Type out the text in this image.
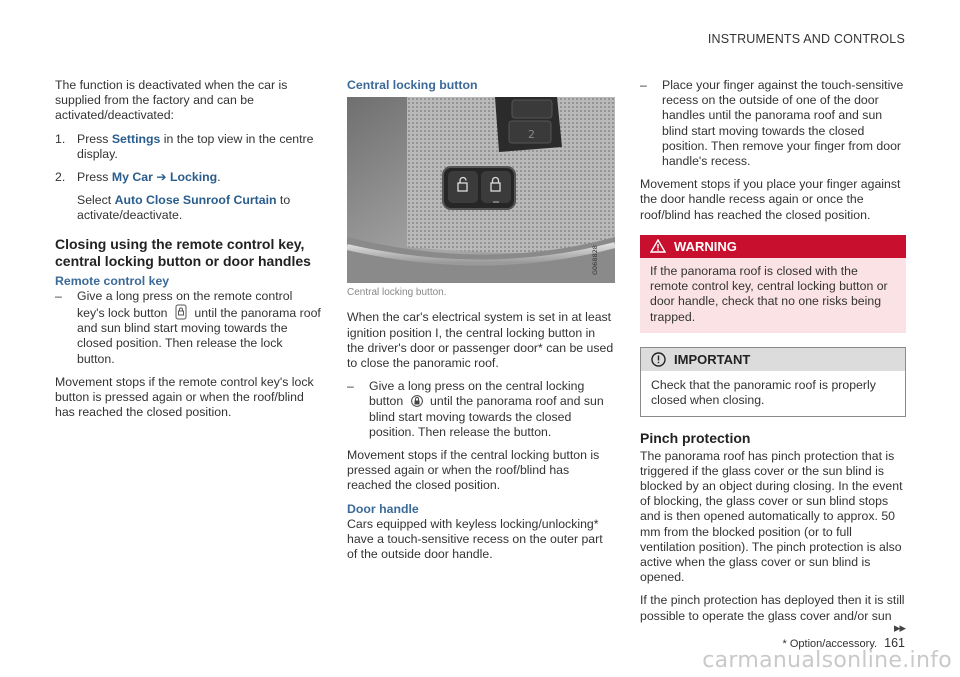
INSTRUMENTS AND CONTROLS

The function is deactivated when the car is supplied from the factory and can be activated/deactivated:

1. Press Settings in the top view in the centre display.
2. Press My Car ➔ Locking.
Select Auto Close Sunroof Curtain to activate/deactivate.
Closing using the remote control key, central locking button or door handles
Remote control key
– Give a long press on the remote control key's lock button until the panorama roof and sun blind start moving towards the closed position. Then release the lock button.

Movement stops if the remote control key's lock button is pressed again or when the roof/blind has reached the closed position.

Central locking button
2
G068828
Central locking button.

When the car's electrical system is set in at least ignition position I, the central locking button in the driver's door or passenger door* can be used to close the panoramic roof.

– Give a long press on the central locking button until the panorama roof and sun blind start moving towards the closed position. Then release the button.

Movement stops if the central locking button is pressed again or when the roof/blind has reached the closed position.

Door handle

Cars equipped with keyless locking/unlocking* have a touch-sensitive recess on the outer part of the outside door handle.

– Place your finger against the touch-sensitive recess on the outside of one of the door handles until the panorama roof and sun blind start moving towards the closed position. Then remove your finger from door handle's recess.

Movement stops if you place your finger against the door handle recess again or once the roof/blind has reached the closed position.

WARNING
If the panorama roof is closed with the remote control key, central locking button or door handle, check that no one risks being trapped.
IMPORTANT
Check that the panoramic roof is properly closed when closing.
Pinch protection

The panorama roof has pinch protection that is triggered if the glass cover or the sun blind is blocked by an object during closing. In the event of blocking, the glass cover or sun blind stops and is then opened automatically to approx. 50 mm from the blocked position (or to full ventilation position). The pinch protection is also active when the glass cover or sun blind is opened.

If the pinch protection has deployed then it is still possible to operate the glass cover and/or sun

▸▸
* Option/accessory. 161
carmanualsonline.info
